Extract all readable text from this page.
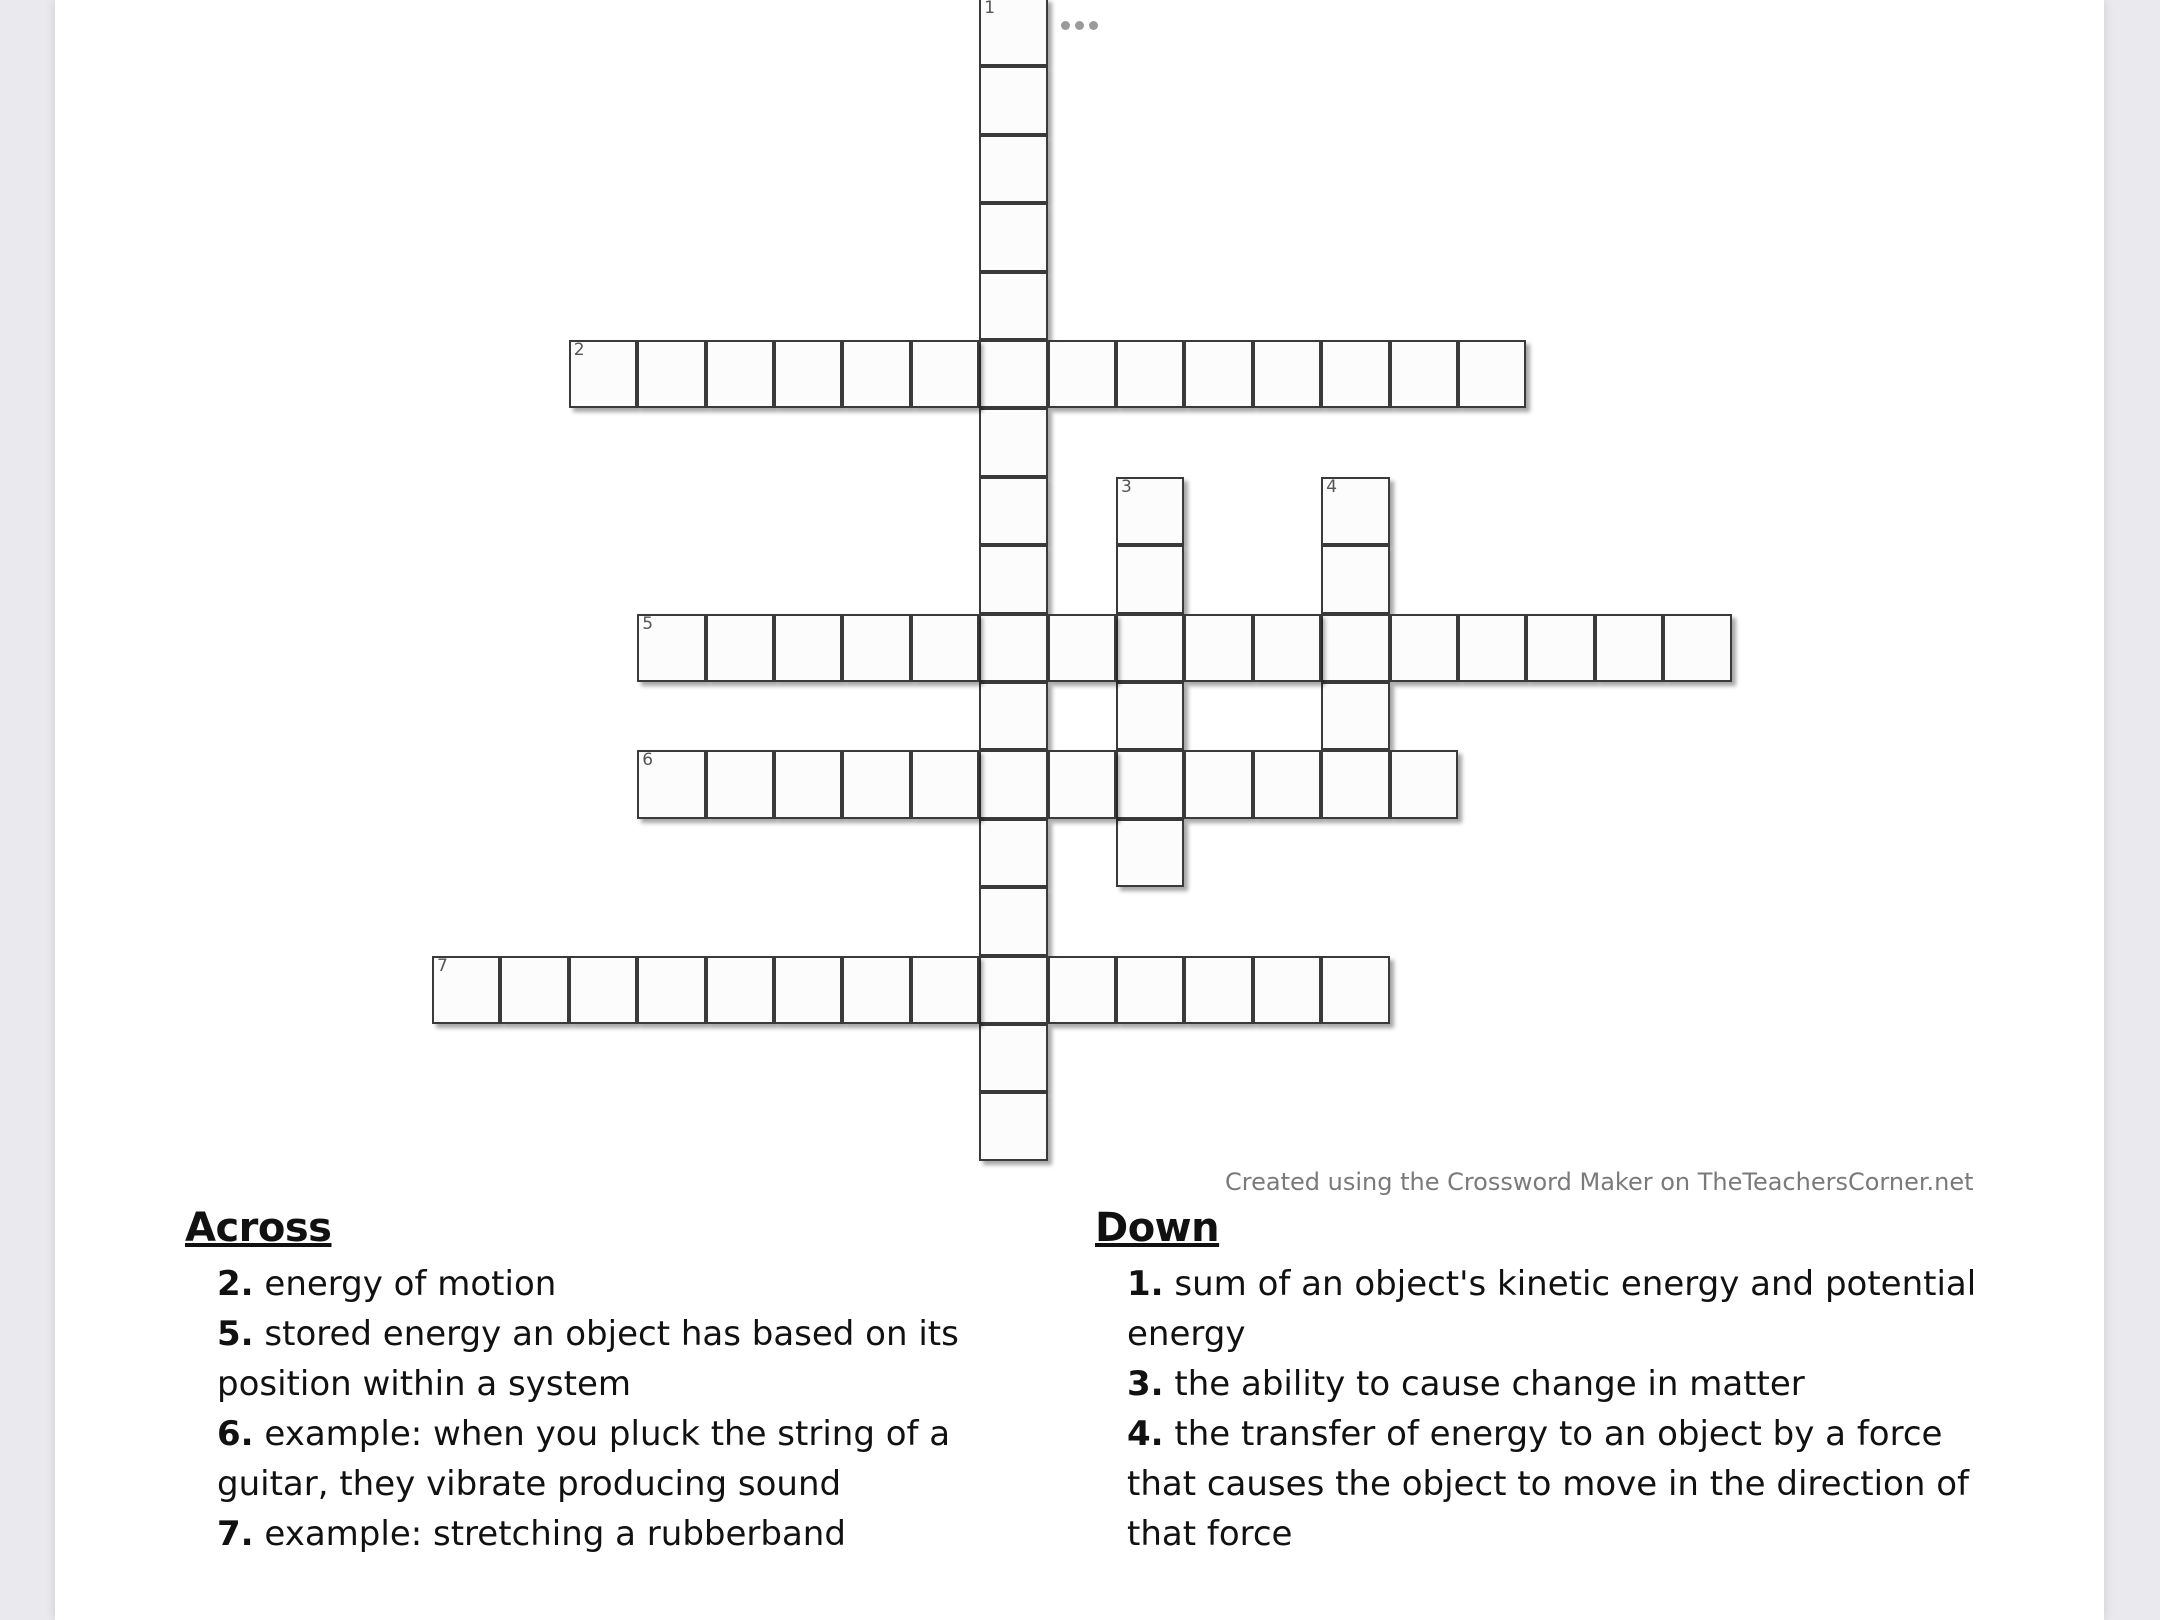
1
2
3	4
5
6
7
Created using the Crossword Maker on TheTeachersCorner.net
Across
2. energy of motion
5. stored energy an object has based on its position within a system
6. example: when you pluck the string of a guitar, they vibrate producing sound
7. example: stretching a rubberband
Down
1. sum of an object's kinetic energy and potential energy
3. the ability to cause change in matter
4. the transfer of energy to an object by a force that causes the object to move in the direction of that force
